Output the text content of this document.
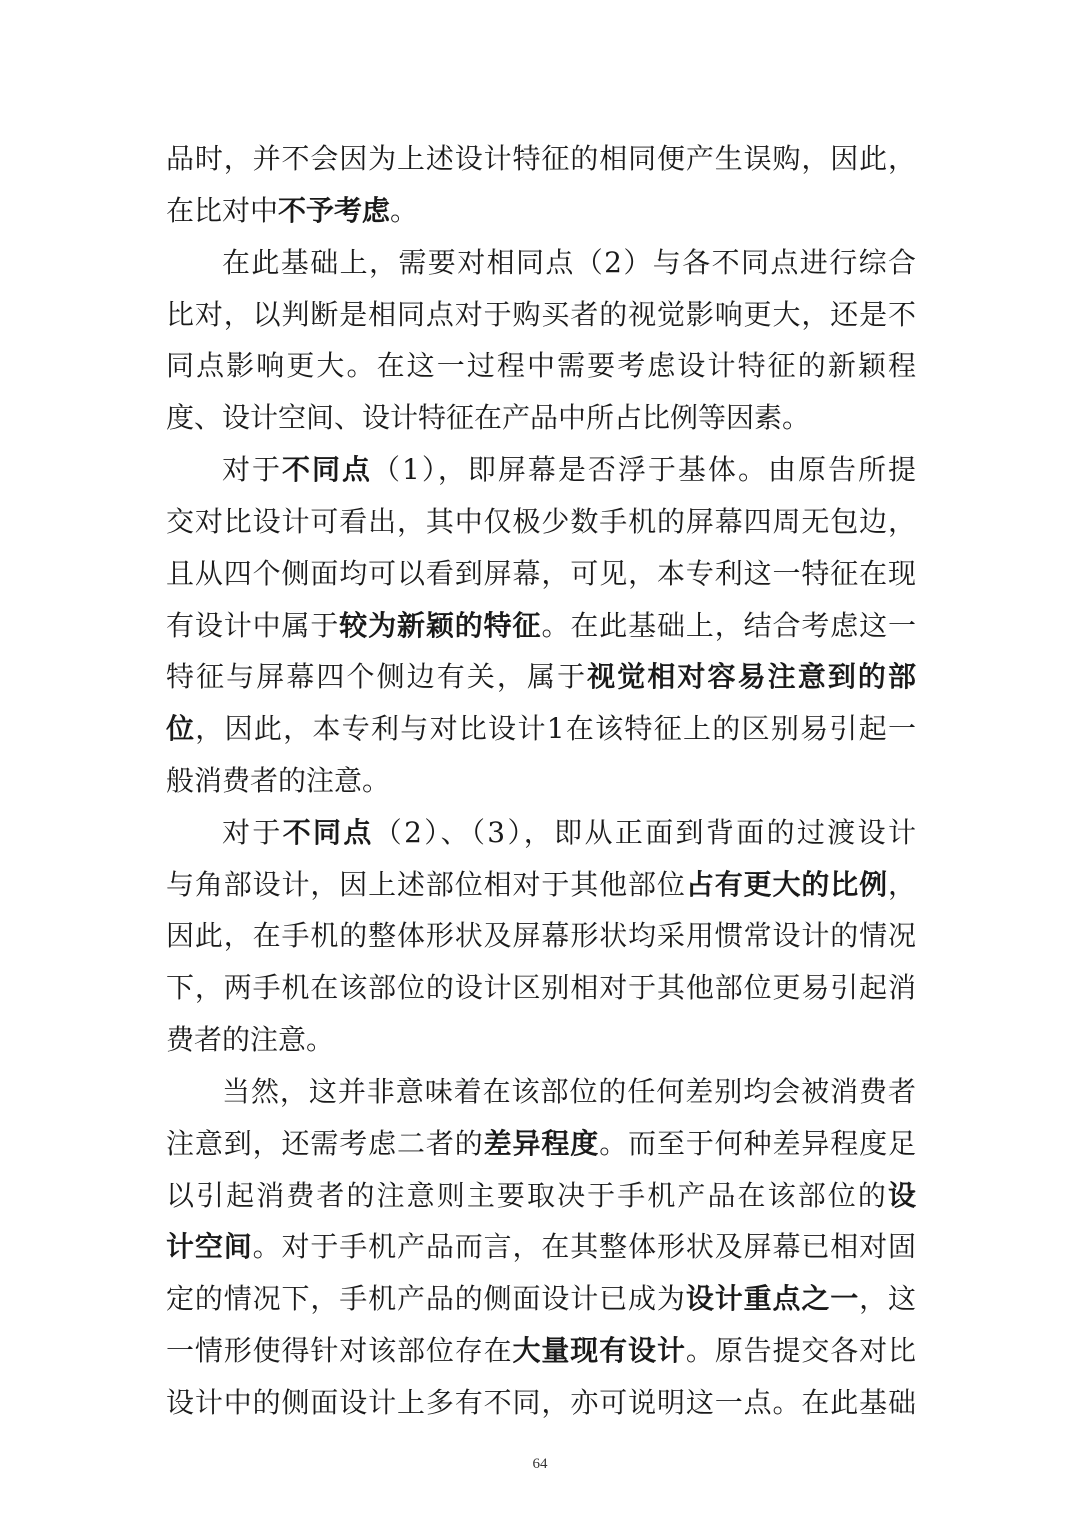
品时，并不会因为上述设计特征的相同便产生误购，因此，
在比对中不予考虑。
在此基础上，需要对相同点（2）与各不同点进行综合
比对，以判断是相同点对于购买者的视觉影响更大，还是不
同点影响更大。在这一过程中需要考虑设计特征的新颖程
度、设计空间、设计特征在产品中所占比例等因素。
对于不同点（1），即屏幕是否浮于基体。由原告所提
交对比设计可看出，其中仅极少数手机的屏幕四周无包边，
且从四个侧面均可以看到屏幕，可见，本专利这一特征在现
有设计中属于较为新颖的特征。在此基础上，结合考虑这一
特征与屏幕四个侧边有关，属于视觉相对容易注意到的部
位，因此，本专利与对比设计1在该特征上的区别易引起一
般消费者的注意。
对于不同点（2）、（3），即从正面到背面的过渡设计
与角部设计，因上述部位相对于其他部位占有更大的比例，
因此，在手机的整体形状及屏幕形状均采用惯常设计的情况
下，两手机在该部位的设计区别相对于其他部位更易引起消
费者的注意。
当然，这并非意味着在该部位的任何差别均会被消费者
注意到，还需考虑二者的差异程度。而至于何种差异程度足
以引起消费者的注意则主要取决于手机产品在该部位的设
计空间。对于手机产品而言，在其整体形状及屏幕已相对固
定的情况下，手机产品的侧面设计已成为设计重点之一，这
一情形使得针对该部位存在大量现有设计。原告提交各对比
设计中的侧面设计上多有不同，亦可说明这一点。在此基础
64
